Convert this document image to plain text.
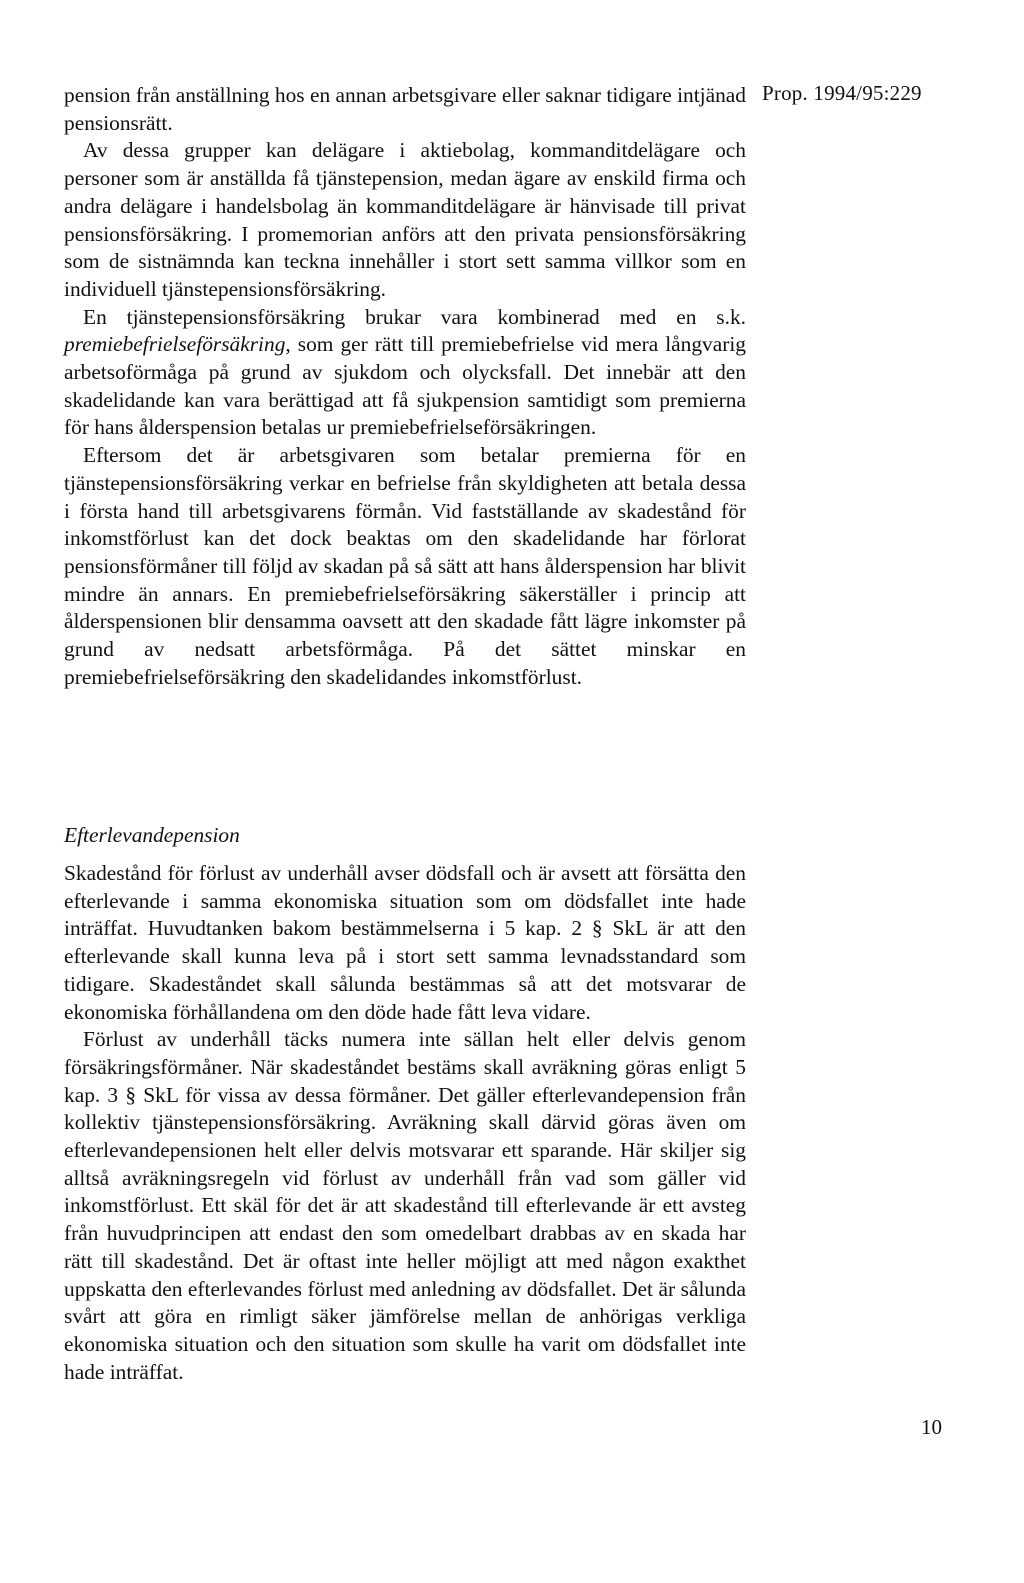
Prop. 1994/95:229

pension från anställning hos en annan arbetsgivare eller saknar tidigare intjänad pensionsrätt.

Av dessa grupper kan delägare i aktiebolag, kommanditdelägare och personer som är anställda få tjänstepension, medan ägare av enskild firma och andra delägare i handelsbolag än kommanditdelägare är hänvisade till privat pensionsförsäkring. I promemorian anförs att den privata pensionsförsäkring som de sistnämnda kan teckna innehåller i stort sett samma villkor som en individuell tjänstepensionsförsäkring.

En tjänstepensionsförsäkring brukar vara kombinerad med en s.k. premiebefrielseförsäkring, som ger rätt till premiebefrielse vid mera långvarig arbetsoförmåga på grund av sjukdom och olycksfall. Det innebär att den skadelidande kan vara berättigad att få sjukpension samtidigt som premierna för hans ålderspension betalas ur premiebefrielseförsäkringen.

Eftersom det är arbetsgivaren som betalar premierna för en tjänstepensionsförsäkring verkar en befrielse från skyldigheten att betala dessa i första hand till arbetsgivarens förmån. Vid fastställande av skadestånd för inkomstförlust kan det dock beaktas om den skadelidande har förlorat pensionsförmåner till följd av skadan på så sätt att hans ålderspension har blivit mindre än annars. En premiebefrielseförsäkring säkerställer i princip att ålderspensionen blir densamma oavsett att den skadade fått lägre inkomster på grund av nedsatt arbetsförmåga. På det sättet minskar en premiebefrielseförsäkring den skadelidandes inkomstförlust.

Efterlevandepension

Skadestånd för förlust av underhåll avser dödsfall och är avsett att försätta den efterlevande i samma ekonomiska situation som om dödsfallet inte hade inträffat. Huvudtanken bakom bestämmelserna i 5 kap. 2 § SkL är att den efterlevande skall kunna leva på i stort sett samma levnadsstandard som tidigare. Skadeståndet skall sålunda bestämmas så att det motsvarar de ekonomiska förhållandena om den döde hade fått leva vidare.

Förlust av underhåll täcks numera inte sällan helt eller delvis genom försäkringsförmåner. När skadeståndet bestäms skall avräkning göras enligt 5 kap. 3 § SkL för vissa av dessa förmåner. Det gäller efterlevandepension från kollektiv tjänstepensionsförsäkring. Avräkning skall därvid göras även om efterlevandepensionen helt eller delvis motsvarar ett sparande. Här skiljer sig alltså avräkningsregeln vid förlust av underhåll från vad som gäller vid inkomstförlust. Ett skäl för det är att skadestånd till efterlevande är ett avsteg från huvudprincipen att endast den som omedelbart drabbas av en skada har rätt till skadestånd. Det är oftast inte heller möjligt att med någon exakthet uppskatta den efterlevandes förlust med anledning av dödsfallet. Det är sålunda svårt att göra en rimligt säker jämförelse mellan de anhörigas verkliga ekonomiska situation och den situation som skulle ha varit om dödsfallet inte hade inträffat.

10
